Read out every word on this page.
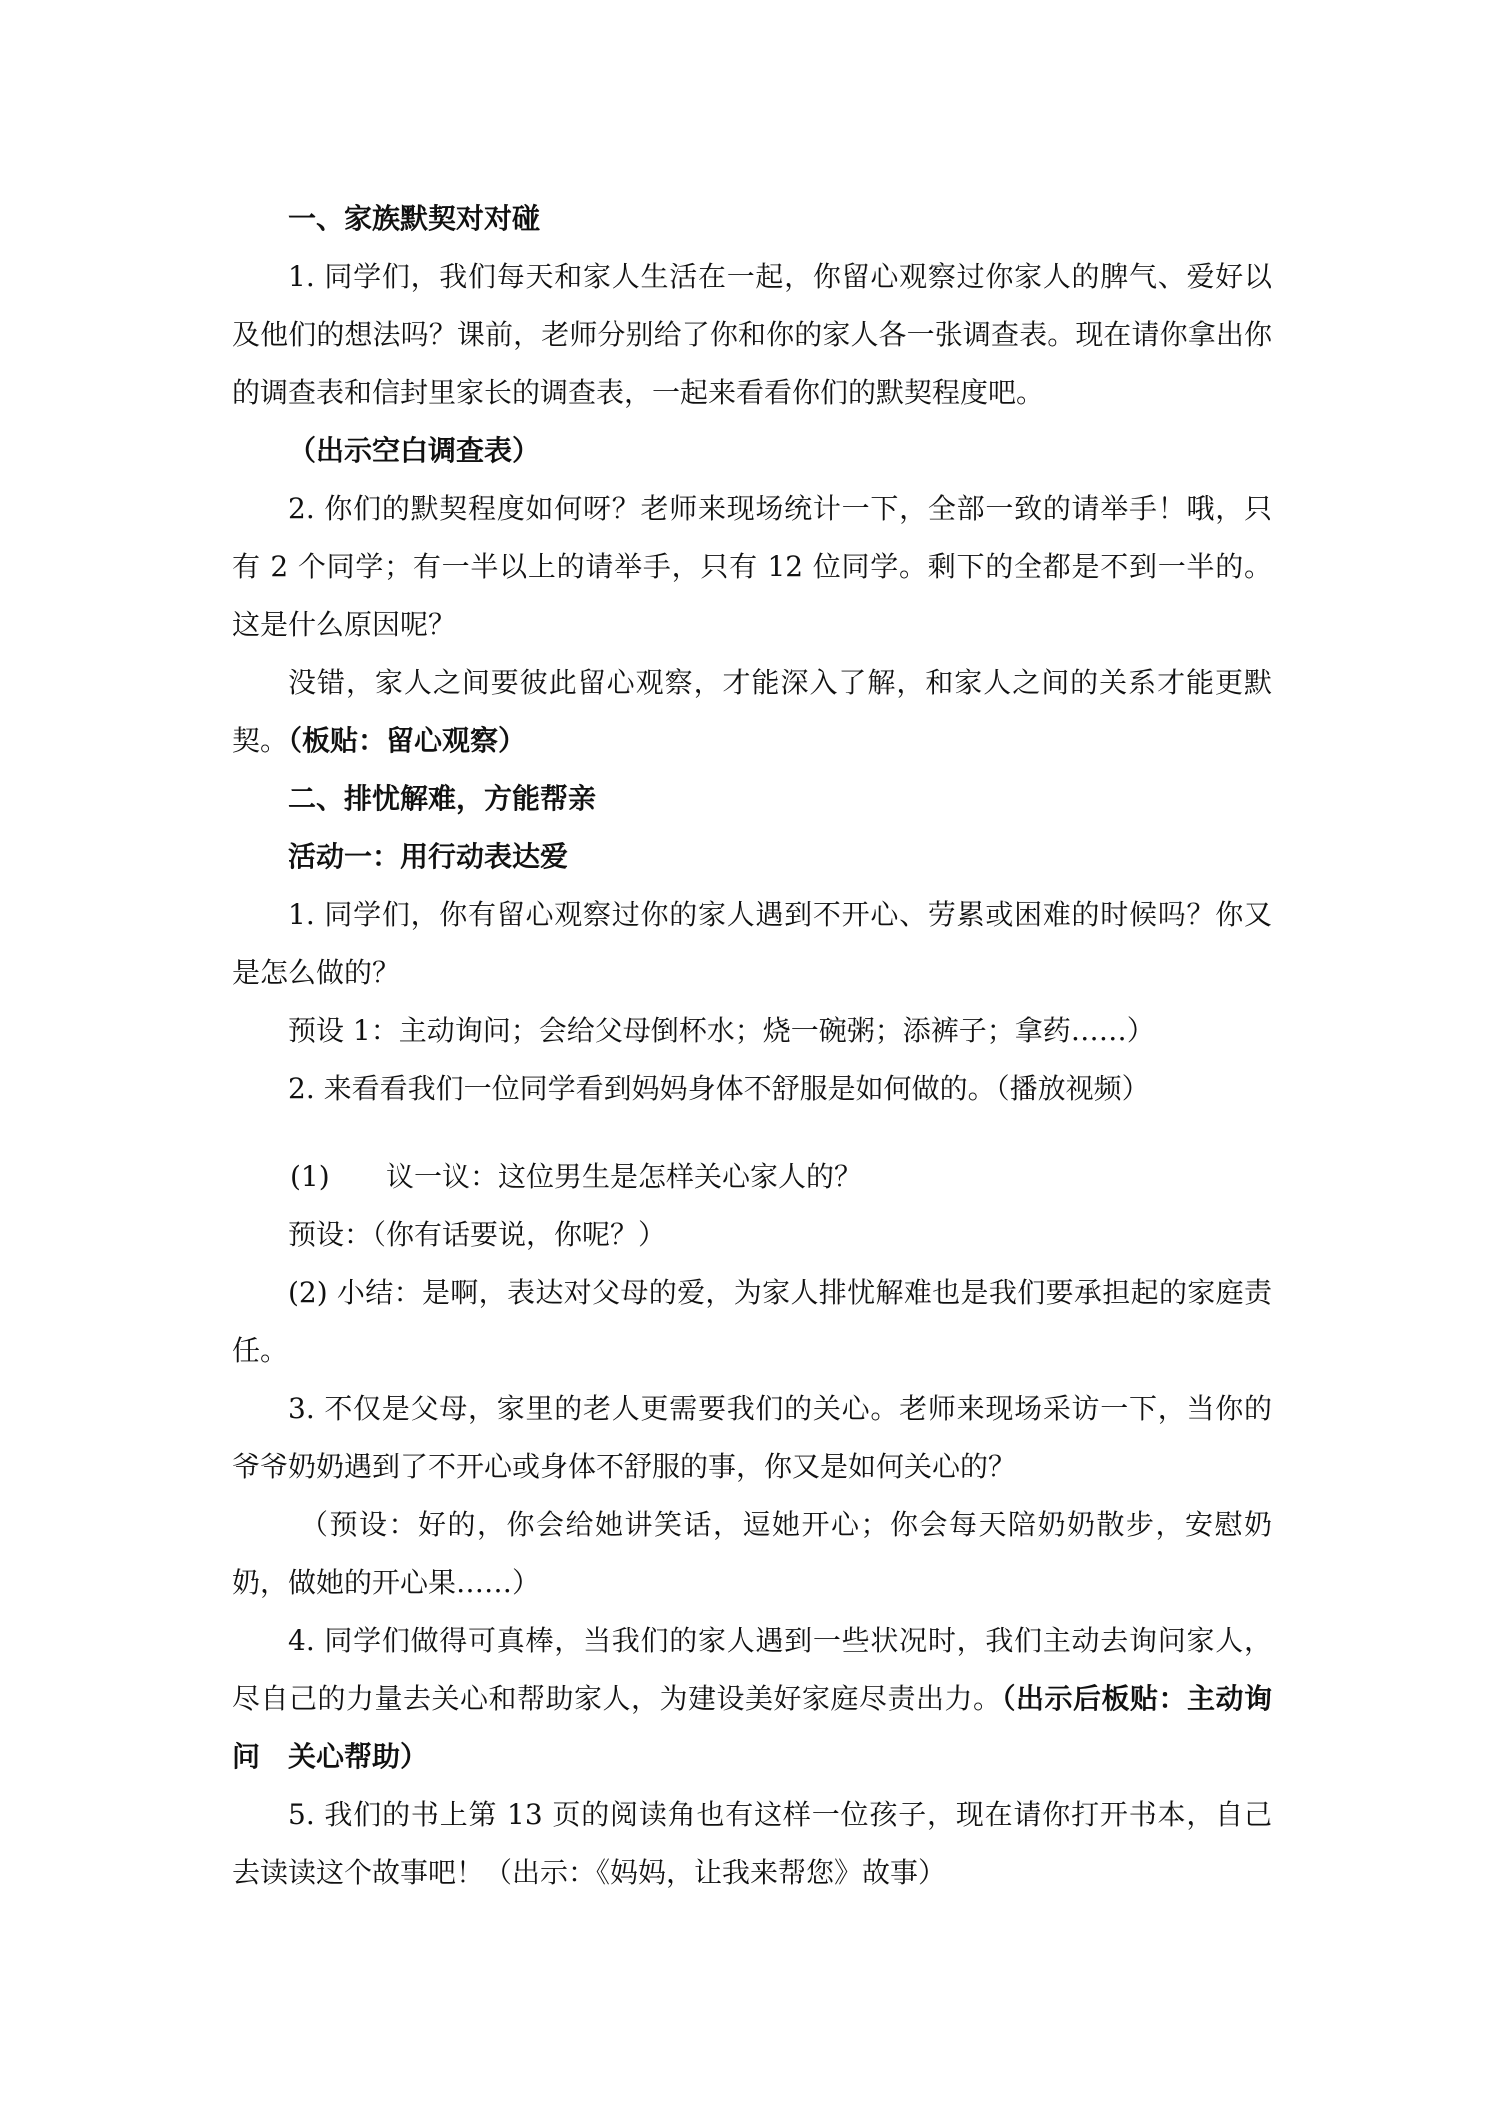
一、家族默契对对碰

1. 同学们，我们每天和家人生活在一起，你留心观察过你家人的脾气、爱好以及他们的想法吗？课前，老师分别给了你和你的家人各一张调查表。现在请你拿出你的调查表和信封里家长的调查表，一起来看看你们的默契程度吧。

（出示空白调查表）

2. 你们的默契程度如何呀？老师来现场统计一下，全部一致的请举手！哦，只有 2 个同学；有一半以上的请举手，只有 12 位同学。剩下的全都是不到一半的。这是什么原因呢？

没错，家人之间要彼此留心观察，才能深入了解，和家人之间的关系才能更默契。（板贴：留心观察）

二、排忧解难，方能帮亲

活动一：用行动表达爱

1. 同学们，你有留心观察过你的家人遇到不开心、劳累或困难的时候吗？你又是怎么做的？

预设 1：主动询问；会给父母倒杯水；烧一碗粥；添裤子；拿药……）

2. 来看看我们一位同学看到妈妈身体不舒服是如何做的。（播放视频）

(1)	议一议：这位男生是怎样关心家人的？

预设：（你有话要说，你呢？）

(2) 小结：是啊，表达对父母的爱，为家人排忧解难也是我们要承担起的家庭责任。

3. 不仅是父母，家里的老人更需要我们的关心。老师来现场采访一下，当你的爷爷奶奶遇到了不开心或身体不舒服的事，你又是如何关心的？

（预设：好的，你会给她讲笑话，逗她开心；你会每天陪奶奶散步，安慰奶奶，做她的开心果……）

4. 同学们做得可真棒，当我们的家人遇到一些状况时，我们主动去询问家人，尽自己的力量去关心和帮助家人，为建设美好家庭尽责出力。（出示后板贴：主动询问　关心帮助）

5. 我们的书上第 13 页的阅读角也有这样一位孩子，现在请你打开书本，自己去读读这个故事吧！（出示：《妈妈，让我来帮您》故事）
